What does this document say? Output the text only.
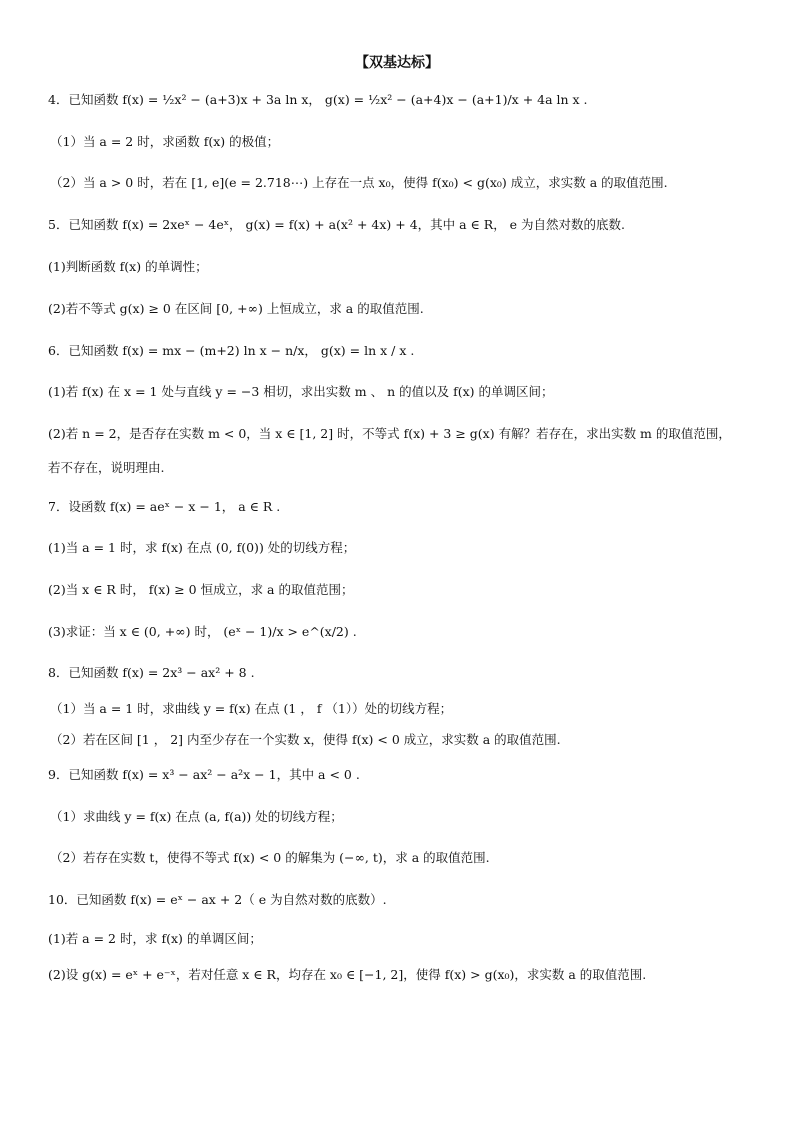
【双基达标】
4．已知函数 f(x) = ½x² − (a+3)x + 3a ln x， g(x) = ½x² − (a+4)x − (a+1)/x + 4a ln x .
（1）当 a = 2 时，求函数 f(x) 的极值；
（2）当 a > 0 时，若在 [1, e](e = 2.718⋯) 上存在一点 x₀，使得 f(x₀) < g(x₀) 成立，求实数 a 的取值范围.
5．已知函数 f(x) = 2xeˣ − 4eˣ， g(x) = f(x) + a(x² + 4x) + 4，其中 a ∈ R， e 为自然对数的底数.
(1)判断函数 f(x) 的单调性；
(2)若不等式 g(x) ≥ 0 在区间 [0, +∞) 上恒成立，求 a 的取值范围.
6．已知函数 f(x) = mx − (m+2) ln x − n/x， g(x) = ln x / x .
(1)若 f(x) 在 x = 1 处与直线 y = −3 相切，求出实数 m 、 n 的值以及 f(x) 的单调区间；
(2)若 n = 2，是否存在实数 m < 0，当 x ∈ [1, 2] 时，不等式 f(x) + 3 ≥ g(x) 有解？若存在，求出实数 m 的取值范围，
若不存在，说明理由.
7．设函数 f(x) = aeˣ − x − 1， a ∈ R .
(1)当 a = 1 时，求 f(x) 在点 (0, f(0)) 处的切线方程；
(2)当 x ∈ R 时， f(x) ≥ 0 恒成立，求 a 的取值范围；
(3)求证：当 x ∈ (0, +∞) 时， (eˣ − 1)/x > e^(x/2) .
8．已知函数 f(x) = 2x³ − ax² + 8 .
（1）当 a = 1 时，求曲线 y = f(x) 在点 (1 ， f （1））处的切线方程；
（2）若在区间 [1 ， 2] 内至少存在一个实数 x，使得 f(x) < 0 成立，求实数 a 的取值范围.
9．已知函数 f(x) = x³ − ax² − a²x − 1，其中 a < 0 .
（1）求曲线 y = f(x) 在点 (a, f(a)) 处的切线方程；
（2）若存在实数 t，使得不等式 f(x) < 0 的解集为 (−∞, t)，求 a 的取值范围.
10．已知函数 f(x) = eˣ − ax + 2（ e 为自然对数的底数）.
(1)若 a = 2 时，求 f(x) 的单调区间；
(2)设 g(x) = eˣ + e⁻ˣ，若对任意 x ∈ R，均存在 x₀ ∈ [−1, 2]，使得 f(x) > g(x₀)，求实数 a 的取值范围.
